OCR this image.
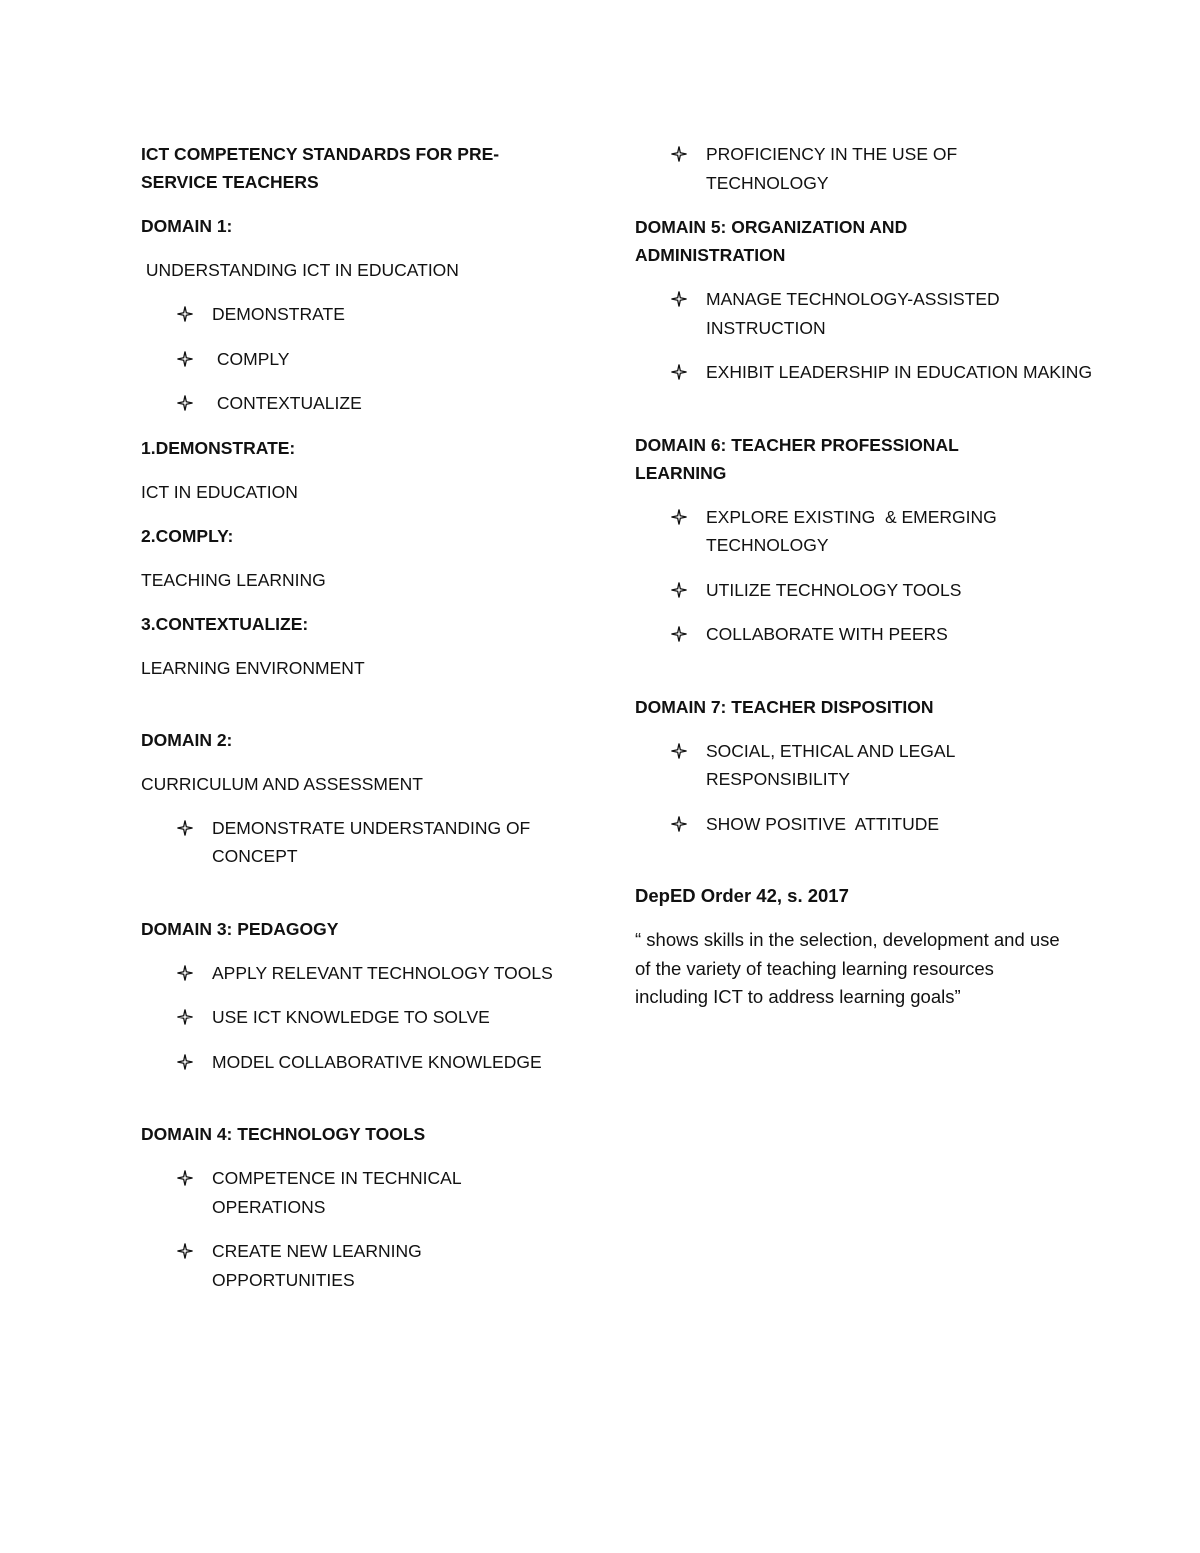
ICT COMPETENCY STANDARDS FOR PRE-SERVICE TEACHERS

DOMAIN 1:

UNDERSTANDING ICT IN EDUCATION

DEMONSTRATE
COMPLY
CONTEXTUALIZE

1.DEMONSTRATE:

ICT IN EDUCATION

2.COMPLY:

TEACHING LEARNING

3.CONTEXTUALIZE:

LEARNING ENVIRONMENT

DOMAIN 2:

CURRICULUM AND ASSESSMENT

DEMONSTRATE UNDERSTANDING OF CONCEPT

DOMAIN 3: PEDAGOGY

APPLY RELEVANT TECHNOLOGY TOOLS
USE ICT KNOWLEDGE TO SOLVE
MODEL COLLABORATIVE KNOWLEDGE

DOMAIN 4: TECHNOLOGY TOOLS

COMPETENCE IN TECHNICAL OPERATIONS
CREATE NEW LEARNING OPPORTUNITIES
PROFICIENCY IN THE USE OF TECHNOLOGY

DOMAIN 5: ORGANIZATION AND ADMINISTRATION

MANAGE TECHNOLOGY-ASSISTED INSTRUCTION
EXHIBIT LEADERSHIP IN EDUCATION MAKING

DOMAIN 6: TEACHER PROFESSIONAL LEARNING

EXPLORE EXISTING  & EMERGING TECHNOLOGY
UTILIZE TECHNOLOGY TOOLS
COLLABORATE WITH PEERS

DOMAIN 7: TEACHER DISPOSITION

SOCIAL, ETHICAL AND LEGAL RESPONSIBILITY
SHOW POSITIVE  ATTITUDE

DepED Order 42, s. 2017

“ shows skills in the selection, development and use of the variety of teaching learning resources including ICT to address learning goals”
